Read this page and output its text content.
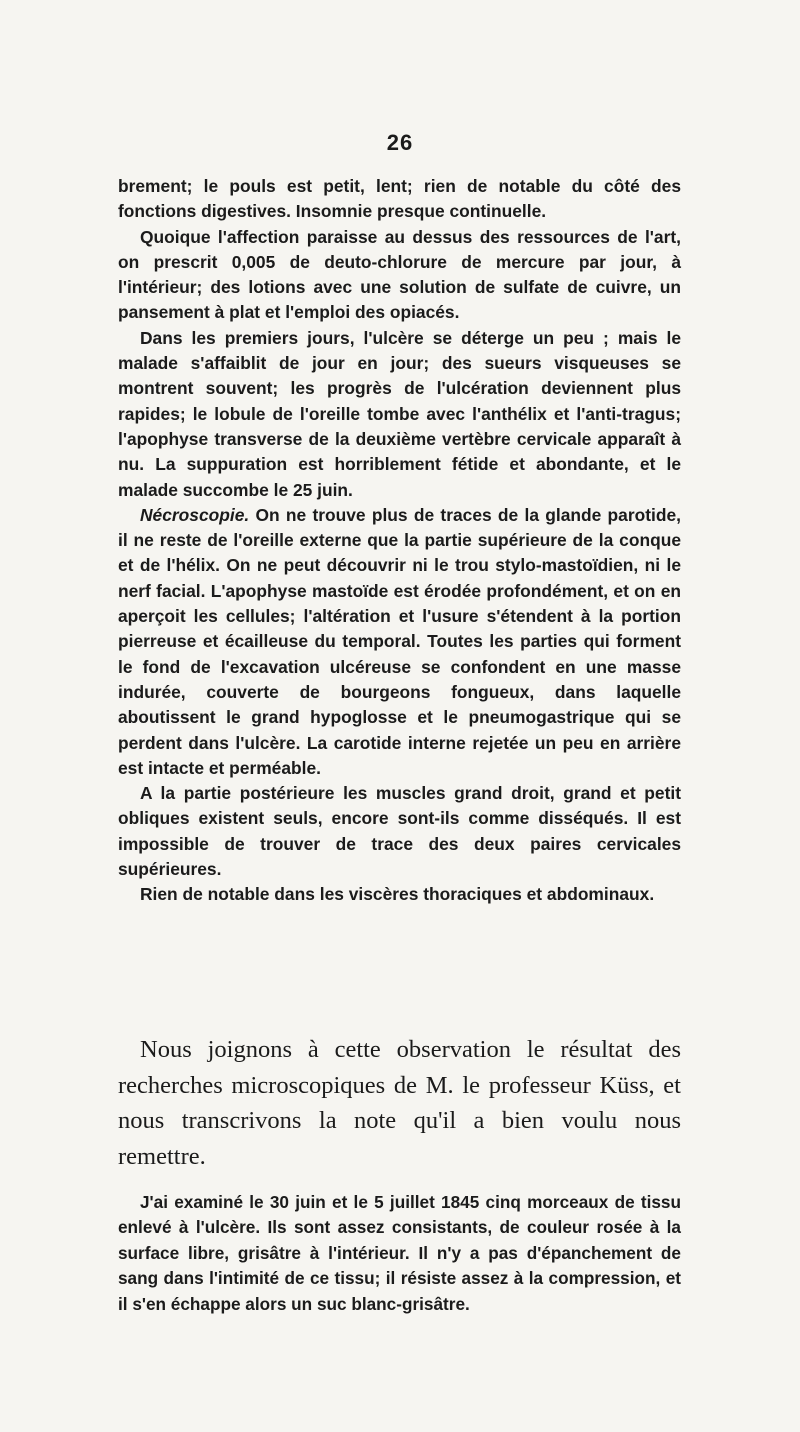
26

brement; le pouls est petit, lent; rien de notable du côté des fonctions digestives. Insomnie presque continuelle.

Quoique l'affection paraisse au dessus des ressources de l'art, on prescrit 0,005 de deuto-chlorure de mercure par jour, à l'intérieur; des lotions avec une solution de sulfate de cuivre, un pansement à plat et l'emploi des opiacés.

Dans les premiers jours, l'ulcère se déterge un peu ; mais le malade s'affaiblit de jour en jour; des sueurs visqueuses se montrent souvent; les progrès de l'ulcération deviennent plus rapides; le lobule de l'oreille tombe avec l'anthélix et l'anti-tragus; l'apophyse transverse de la deuxième vertèbre cervicale apparaît à nu. La suppuration est horriblement fétide et abondante, et le malade succombe le 25 juin.

Nécroscopie. On ne trouve plus de traces de la glande parotide, il ne reste de l'oreille externe que la partie supérieure de la conque et de l'hélix. On ne peut découvrir ni le trou stylo-mastoïdien, ni le nerf facial. L'apophyse mastoïde est érodée profondément, et on en aperçoit les cellules; l'altération et l'usure s'étendent à la portion pierreuse et écailleuse du temporal. Toutes les parties qui forment le fond de l'excavation ulcéreuse se confondent en une masse indurée, couverte de bourgeons fongueux, dans laquelle aboutissent le grand hypoglosse et le pneumogastrique qui se perdent dans l'ulcère. La carotide interne rejetée un peu en arrière est intacte et perméable.

A la partie postérieure les muscles grand droit, grand et petit obliques existent seuls, encore sont-ils comme disséqués. Il est impossible de trouver de trace des deux paires cervicales supérieures.

Rien de notable dans les viscères thoraciques et abdominaux.

Nous joignons à cette observation le résultat des recherches microscopiques de M. le professeur Küss, et nous transcrivons la note qu'il a bien voulu nous remettre.

J'ai examiné le 30 juin et le 5 juillet 1845 cinq morceaux de tissu enlevé à l'ulcère. Ils sont assez consistants, de couleur rosée à la surface libre, grisâtre à l'intérieur. Il n'y a pas d'épanchement de sang dans l'intimité de ce tissu; il résiste assez à la compression, et il s'en échappe alors un suc blanc-grisâtre.
